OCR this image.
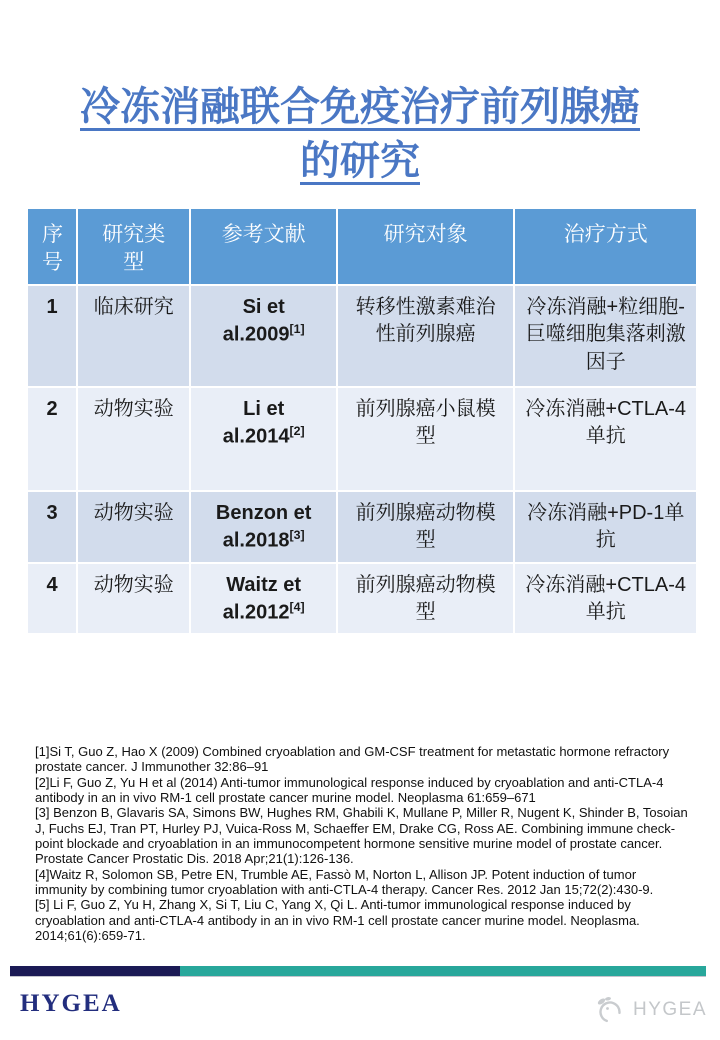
冷冻消融联合免疫治疗前列腺癌的研究
序号	研究类型	参考文献	研究对象	治疗方式
1	临床研究	Si et al.2009[1]	转移性激素难治性前列腺癌	冷冻消融+粒细胞-巨噬细胞集落刺激因子
2	动物实验	Li et al.2014[2]	前列腺癌小鼠模型	冷冻消融+CTLA-4单抗
3	动物实验	Benzon et al.2018[3]	前列腺癌动物模型	冷冻消融+PD-1单抗
4	动物实验	Waitz et al.2012[4]	前列腺癌动物模型	冷冻消融+CTLA-4单抗

[1]Si T, Guo Z, Hao X (2009) Combined cryoablation and GM-CSF treatment for metastatic hormone refractory prostate cancer. J Immunother 32:86–91

[2]Li F, Guo Z, Yu H et al (2014) Anti-tumor immunological response induced by cryoablation and anti-CTLA-4 antibody in an in vivo RM-1 cell prostate cancer murine model. Neoplasma 61:659–671

[3] Benzon B, Glavaris SA, Simons BW, Hughes RM, Ghabili K, Mullane P, Miller R, Nugent K, Shinder B, Tosoian J, Fuchs EJ, Tran PT, Hurley PJ, Vuica-Ross M, Schaeffer EM, Drake CG, Ross AE. Combining immune check-point blockade and cryoablation in an immunocompetent hormone sensitive murine model of prostate cancer. Prostate Cancer Prostatic Dis. 2018 Apr;21(1):126-136.

[4]Waitz R, Solomon SB, Petre EN, Trumble AE, Fassò M, Norton L, Allison JP. Potent induction of tumor immunity by combining tumor cryoablation with anti-CTLA-4 therapy. Cancer Res. 2012 Jan 15;72(2):430-9.

[5] Li F, Guo Z, Yu H, Zhang X, Si T, Liu C, Yang X, Qi L. Anti-tumor immunological response induced by cryoablation and anti-CTLA-4 antibody in an in vivo RM-1 cell prostate cancer murine model. Neoplasma. 2014;61(6):659-71.

HYGEA	HYGEA
